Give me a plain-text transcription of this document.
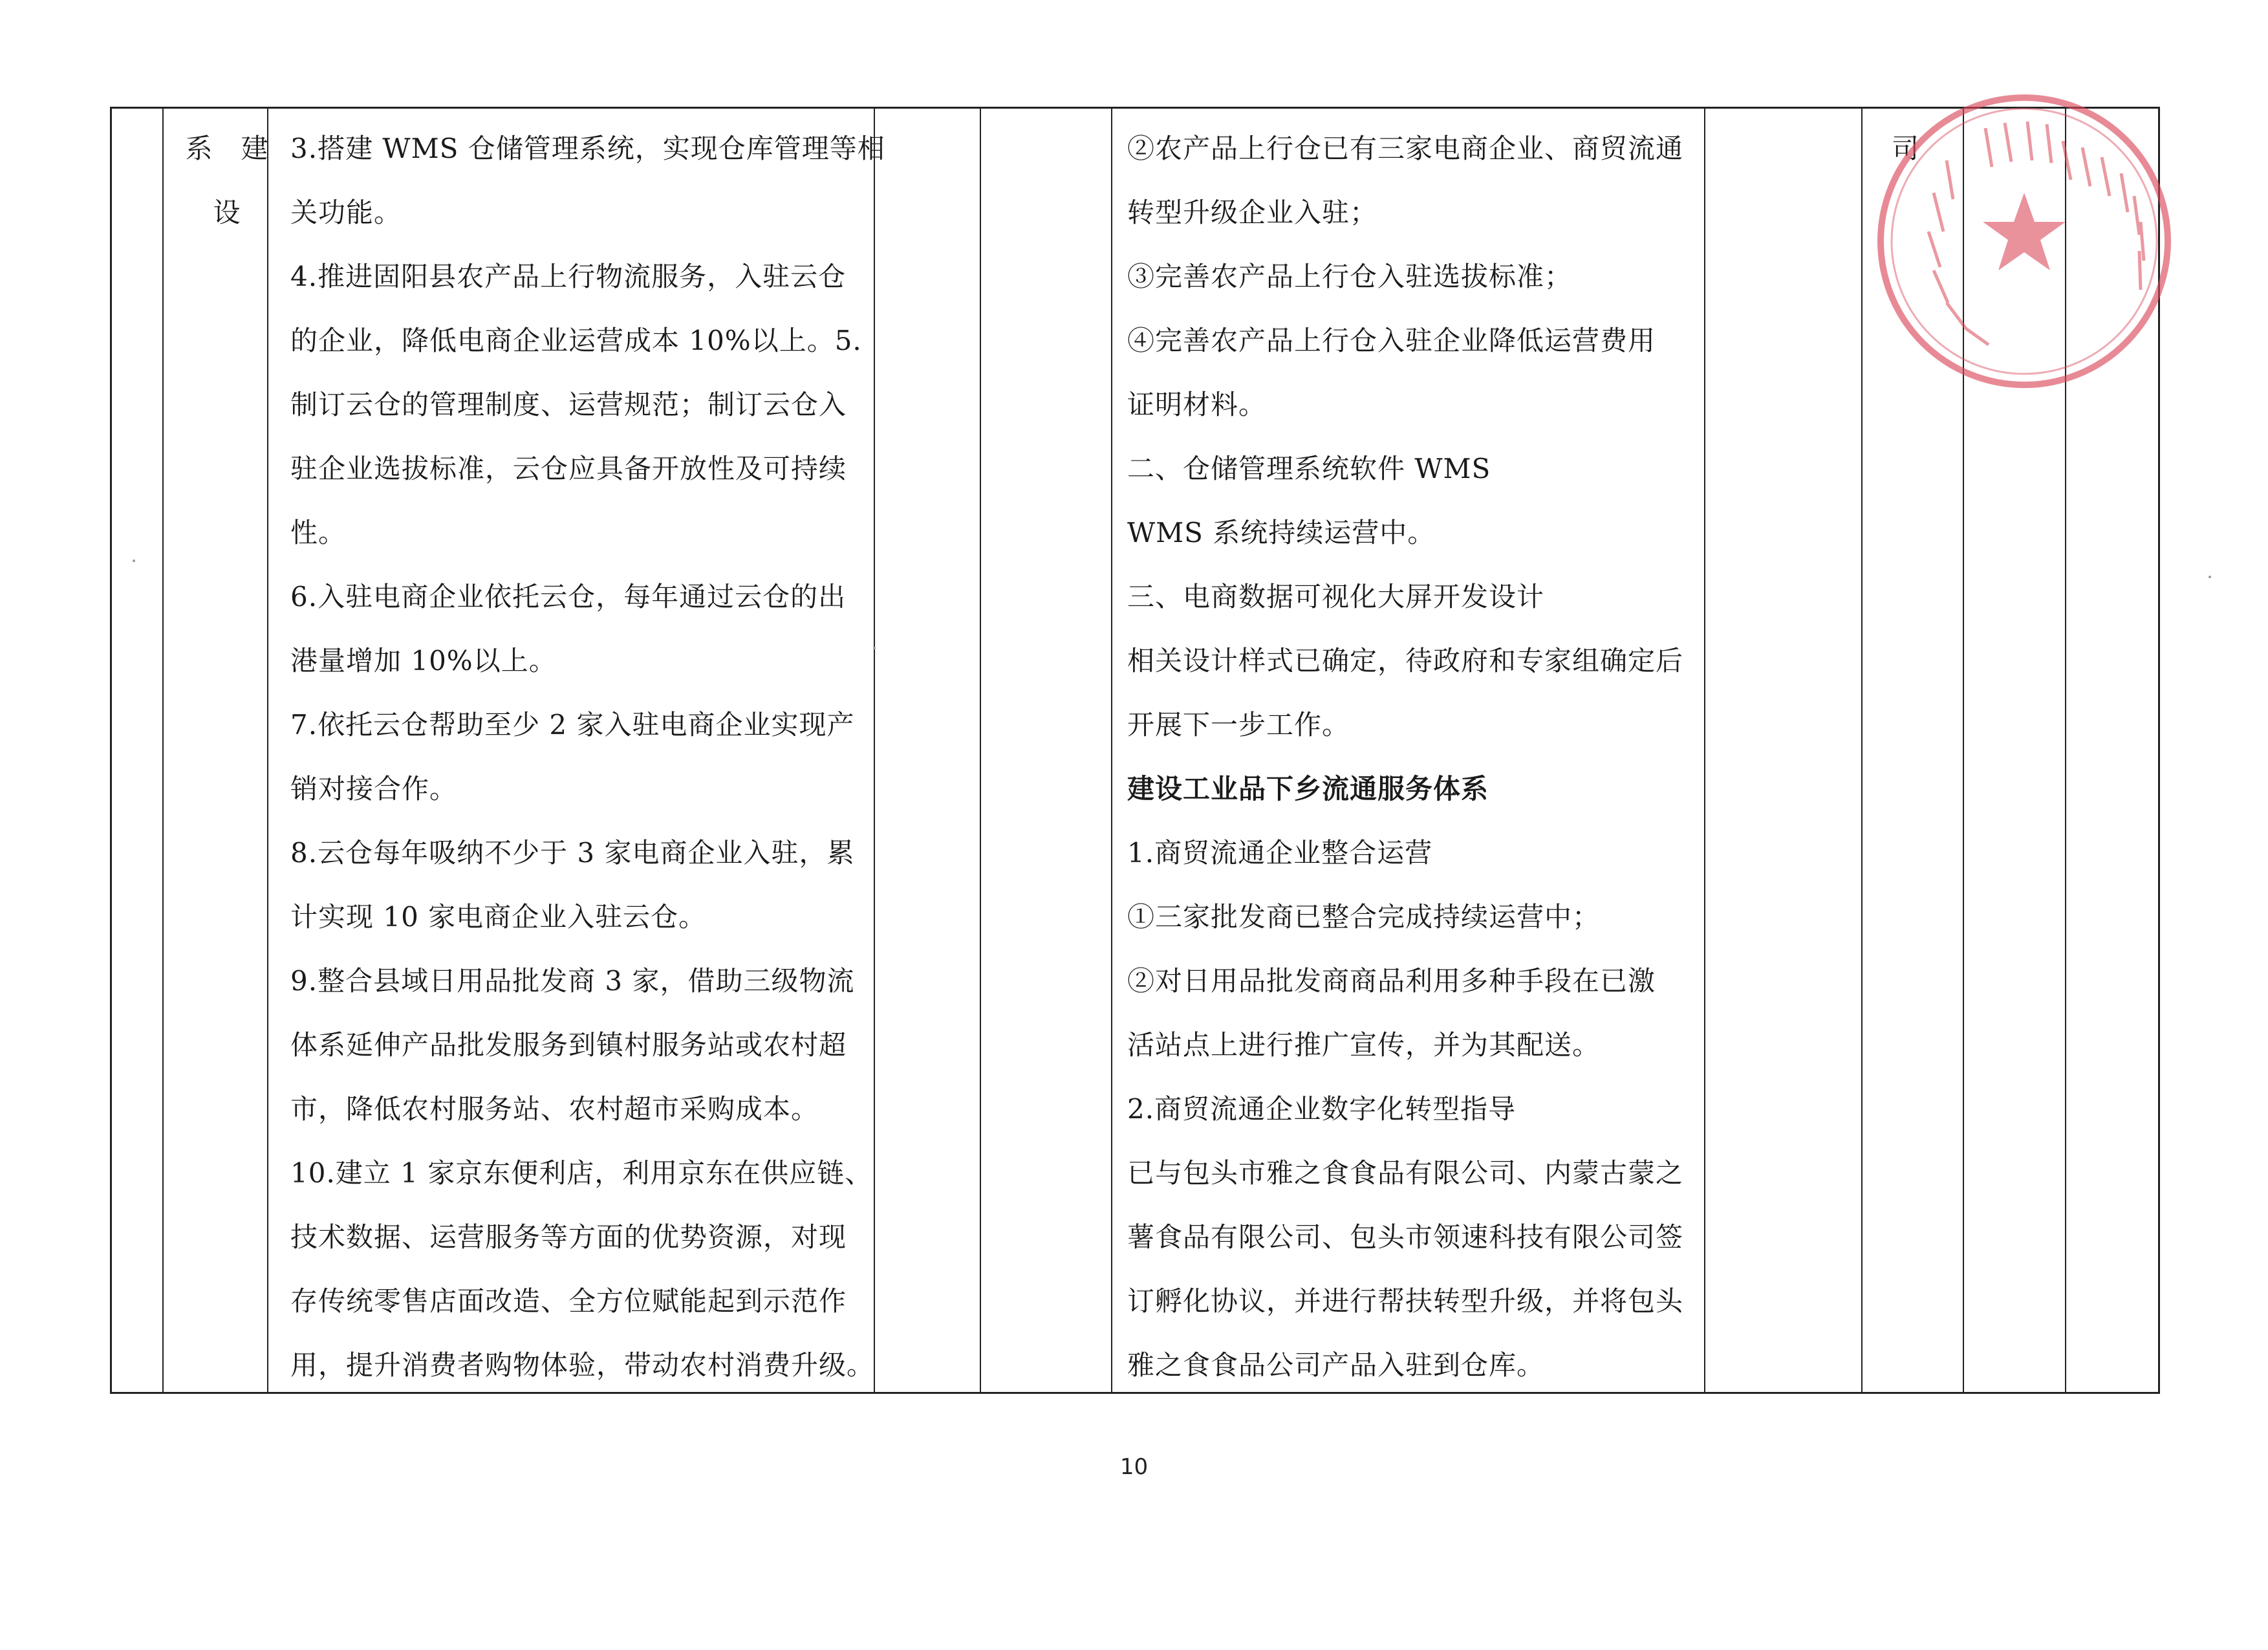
系　建
设
3.搭建 WMS 仓储管理系统，实现仓库管理等相
关功能。
4.推进固阳县农产品上行物流服务，入驻云仓
的企业，降低电商企业运营成本 10%以上。5.
制订云仓的管理制度、运营规范；制订云仓入
驻企业选拔标准，云仓应具备开放性及可持续
性。
6.入驻电商企业依托云仓，每年通过云仓的出
港量增加 10%以上。
7.依托云仓帮助至少 2 家入驻电商企业实现产
销对接合作。
8.云仓每年吸纳不少于 3 家电商企业入驻，累
计实现 10 家电商企业入驻云仓。
9.整合县域日用品批发商 3 家，借助三级物流
体系延伸产品批发服务到镇村服务站或农村超
市，降低农村服务站、农村超市采购成本。
10.建立 1 家京东便利店，利用京东在供应链、
技术数据、运营服务等方面的优势资源，对现
存传统零售店面改造、全方位赋能起到示范作
用，提升消费者购物体验，带动农村消费升级。
②农产品上行仓已有三家电商企业、商贸流通
转型升级企业入驻；
③完善农产品上行仓入驻选拔标准；
④完善农产品上行仓入驻企业降低运营费用
证明材料。
二、仓储管理系统软件 WMS
WMS 系统持续运营中。
三、电商数据可视化大屏开发设计
相关设计样式已确定，待政府和专家组确定后
开展下一步工作。
建设工业品下乡流通服务体系
1.商贸流通企业整合运营
①三家批发商已整合完成持续运营中；
②对日用品批发商商品利用多种手段在已激
活站点上进行推广宣传，并为其配送。
2.商贸流通企业数字化转型指导
已与包头市雅之食食品有限公司、内蒙古蒙之
薯食品有限公司、包头市领速科技有限公司签
订孵化协议，并进行帮扶转型升级，并将包头
雅之食食品公司产品入驻到仓库。
司
10
